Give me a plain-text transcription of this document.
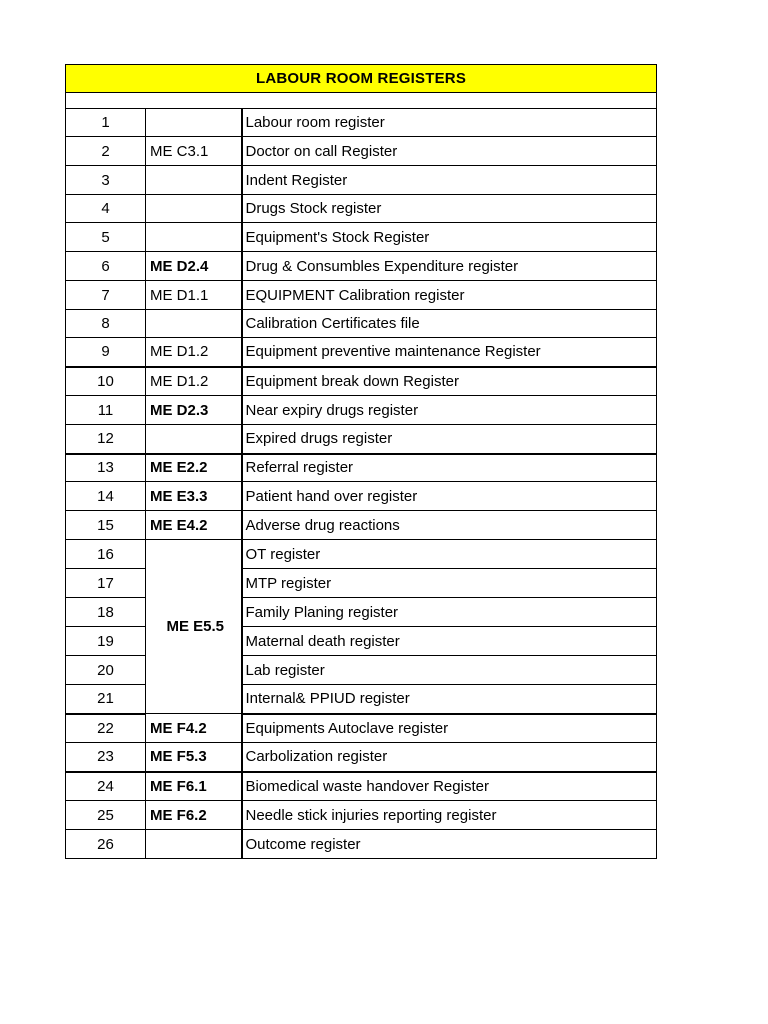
LABOUR ROOM REGISTERS		

1		Labour room register
2	ME C3.1	Doctor on call Register
3		Indent Register
4		Drugs Stock register
5		Equipment's Stock Register
6	ME D2.4	Drug & Consumbles Expenditure register
7	ME D1.1	EQUIPMENT Calibration register
8		Calibration Certificates file
9	ME D1.2	Equipment preventive maintenance Register
10	ME D1.2	Equipment break down Register
11	ME D2.3	Near expiry drugs register
12		Expired drugs register
13	ME E2.2	Referral register
14	ME E3.3	Patient hand over register
15	ME E4.2	Adverse drug reactions
16	ME E5.5	OT register
17		MTP register
18		Family Planing register
19		Maternal death register
20		Lab register
21		Internal& PPIUD register
22	ME F4.2	Equipments Autoclave register
23	ME F5.3	Carbolization register
24	ME F6.1	Biomedical waste handover Register
25	ME F6.2	Needle stick injuries reporting register
26		Outcome register
